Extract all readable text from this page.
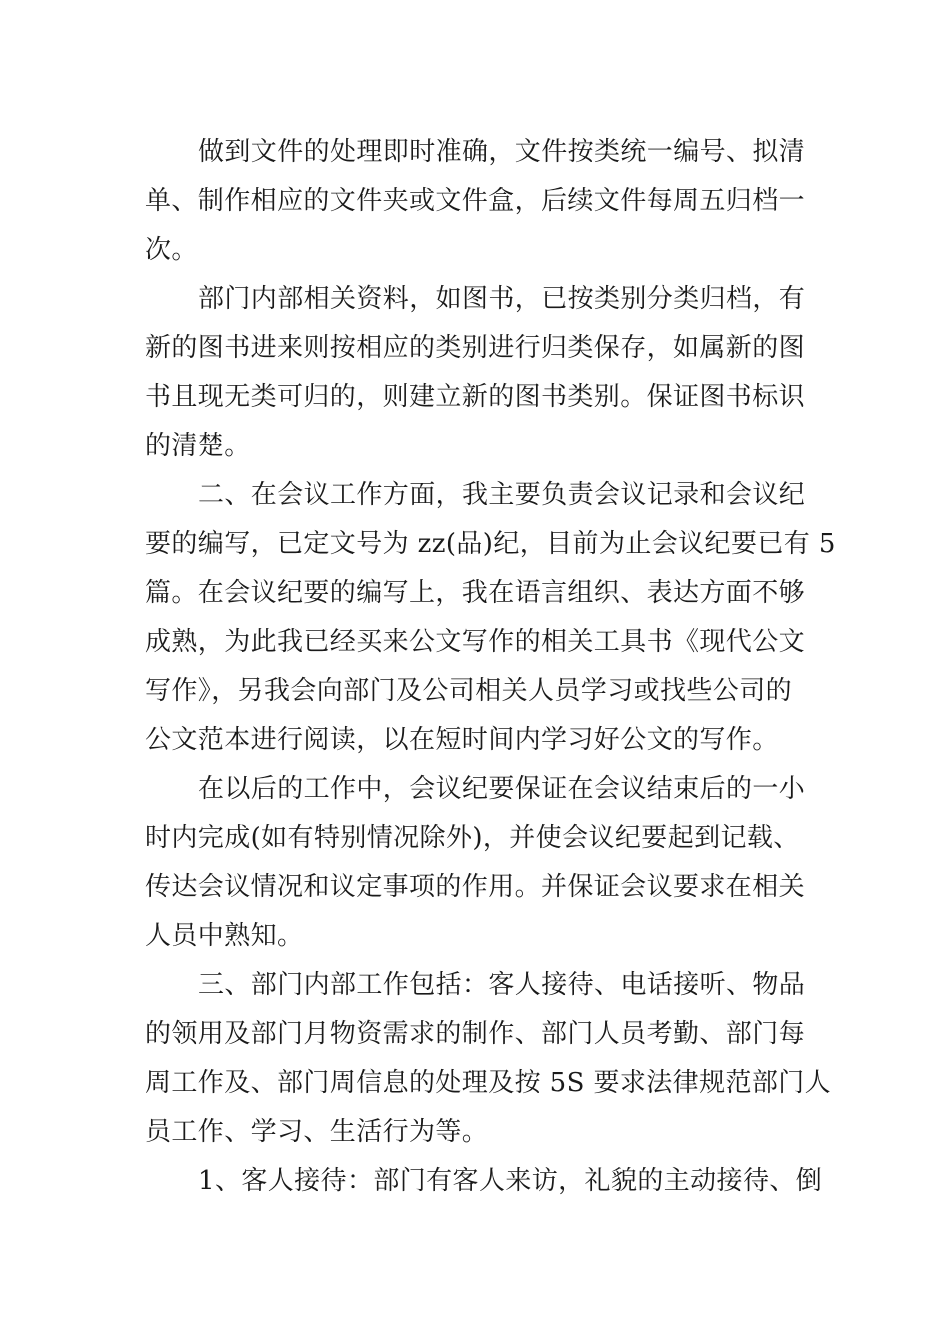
做到文件的处理即时准确，文件按类统一编号、拟清
单、制作相应的文件夹或文件盒，后续文件每周五归档一
次。
部门内部相关资料，如图书，已按类别分类归档，有
新的图书进来则按相应的类别进行归类保存，如属新的图
书且现无类可归的，则建立新的图书类别。保证图书标识
的清楚。
二、在会议工作方面，我主要负责会议记录和会议纪
要的编写，已定文号为 zz(品)纪，目前为止会议纪要已有 5
篇。在会议纪要的编写上，我在语言组织、表达方面不够
成熟，为此我已经买来公文写作的相关工具书《现代公文
写作》，另我会向部门及公司相关人员学习或找些公司的
公文范本进行阅读，以在短时间内学习好公文的写作。
在以后的工作中，会议纪要保证在会议结束后的一小
时内完成(如有特别情况除外)，并使会议纪要起到记载、
传达会议情况和议定事项的作用。并保证会议要求在相关
人员中熟知。
三、部门内部工作包括：客人接待、电话接听、物品
的领用及部门月物资需求的制作、部门人员考勤、部门每
周工作及、部门周信息的处理及按 5S 要求法律规范部门人
员工作、学习、生活行为等。
1、客人接待：部门有客人来访，礼貌的主动接待、倒
